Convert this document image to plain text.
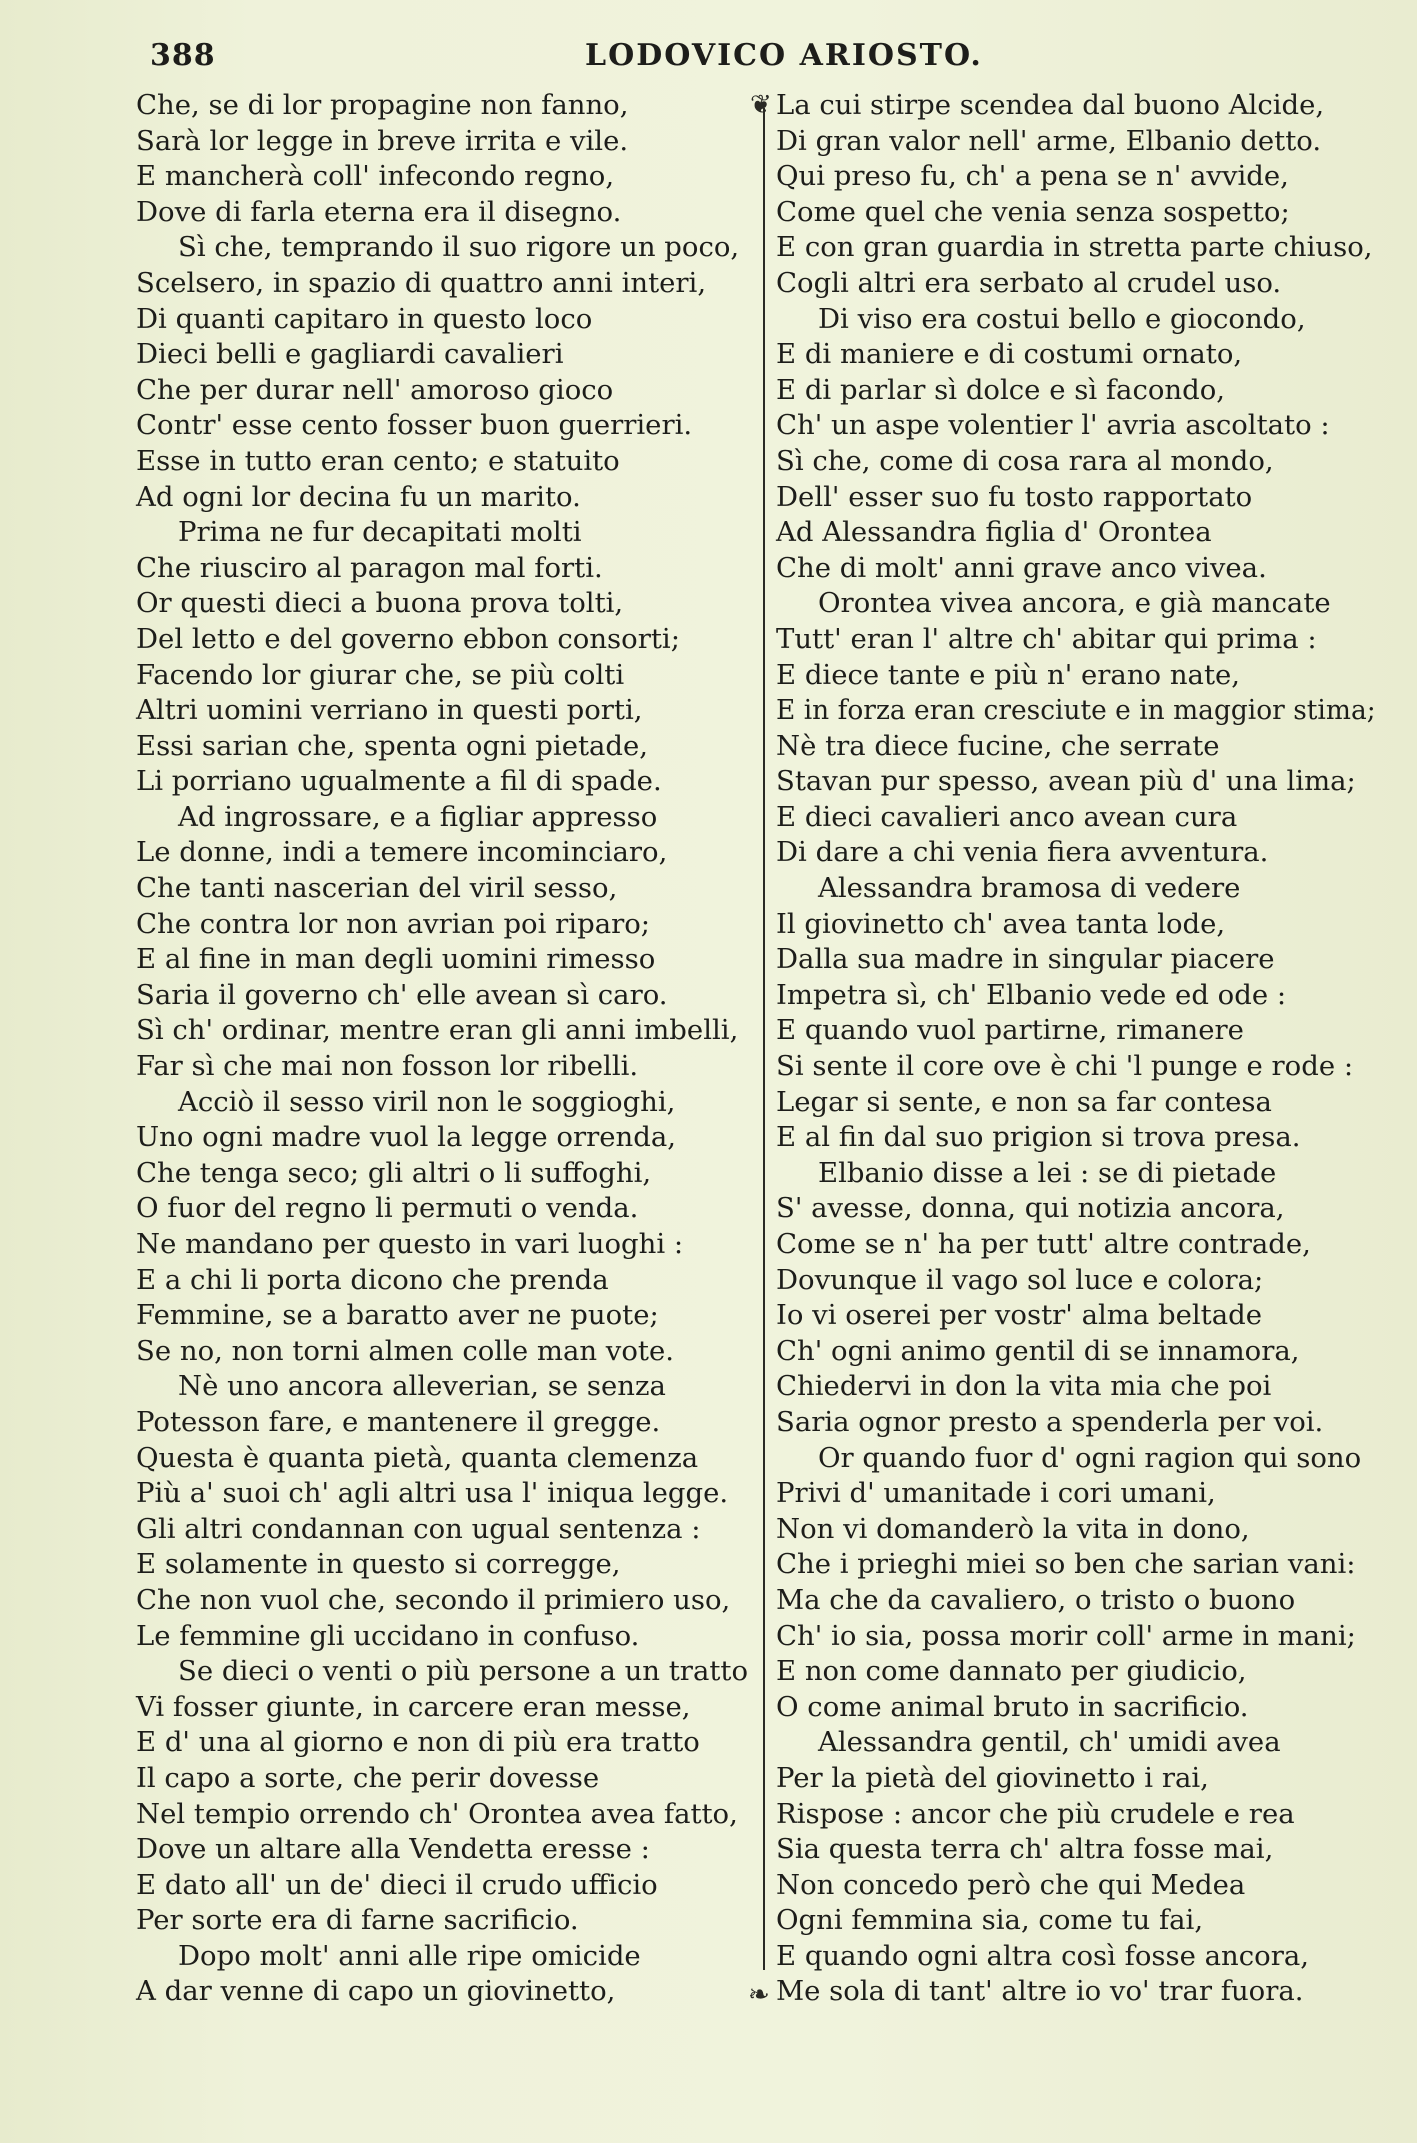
388	LODOVICO ARIOSTO.
Che, se di lor propagine non fanno,
Sarà lor legge in breve irrita e vile.
E mancherà coll' infecondo regno,
Dove di farla eterna era il disegno.
Sì che, temprando il suo rigore un poco,
Scelsero, in spazio di quattro anni interi,
Di quanti capitaro in questo loco
Dieci belli e gagliardi cavalieri
Che per durar nell' amoroso gioco
Contr' esse cento fosser buon guerrieri.
Esse in tutto eran cento; e statuito
Ad ogni lor decina fu un marito.
Prima ne fur decapitati molti
Che riusciro al paragon mal forti.
Or questi dieci a buona prova tolti,
Del letto e del governo ebbon consorti;
Facendo lor giurar che, se più colti
Altri uomini verriano in questi porti,
Essi sarian che, spenta ogni pietade,
Li porriano ugualmente a fil di spade.
Ad ingrossare, e a figliar appresso
Le donne, indi a temere incominciaro,
Che tanti nascerian del viril sesso,
Che contra lor non avrian poi riparo;
E al fine in man degli uomini rimesso
Saria il governo ch' elle avean sì caro.
Sì ch' ordinar, mentre eran gli anni imbelli,
Far sì che mai non fosson lor ribelli.
Acciò il sesso viril non le soggioghi,
Uno ogni madre vuol la legge orrenda,
Che tenga seco; gli altri o li suffoghi,
O fuor del regno li permuti o venda.
Ne mandano per questo in vari luoghi :
E a chi li porta dicono che prenda
Femmine, se a baratto aver ne puote;
Se no, non torni almen colle man vote.
Nè uno ancora alleverian, se senza
Potesson fare, e mantenere il gregge.
Questa è quanta pietà, quanta clemenza
Più a' suoi ch' agli altri usa l' iniqua legge.
Gli altri condannan con ugual sentenza :
E solamente in questo si corregge,
Che non vuol che, secondo il primiero uso,
Le femmine gli uccidano in confuso.
Se dieci o venti o più persone a un tratto
Vi fosser giunte, in carcere eran messe,
E d' una al giorno e non di più era tratto
Il capo a sorte, che perir dovesse
Nel tempio orrendo ch' Orontea avea fatto,
Dove un altare alla Vendetta eresse :
E dato all' un de' dieci il crudo ufficio
Per sorte era di farne sacrificio.
Dopo molt' anni alle ripe omicide
A dar venne di capo un giovinetto,
❦
❧
La cui stirpe scendea dal buono Alcide,
Di gran valor nell' arme, Elbanio detto.
Qui preso fu, ch' a pena se n' avvide,
Come quel che venia senza sospetto;
E con gran guardia in stretta parte chiuso,
Cogli altri era serbato al crudel uso.
Di viso era costui bello e giocondo,
E di maniere e di costumi ornato,
E di parlar sì dolce e sì facondo,
Ch' un aspe volentier l' avria ascoltato :
Sì che, come di cosa rara al mondo,
Dell' esser suo fu tosto rapportato
Ad Alessandra figlia d' Orontea
Che di molt' anni grave anco vivea.
Orontea vivea ancora, e già mancate
Tutt' eran l' altre ch' abitar qui prima :
E diece tante e più n' erano nate,
E in forza eran cresciute e in maggior stima;
Nè tra diece fucine, che serrate
Stavan pur spesso, avean più d' una lima;
E dieci cavalieri anco avean cura
Di dare a chi venia fiera avventura.
Alessandra bramosa di vedere
Il giovinetto ch' avea tanta lode,
Dalla sua madre in singular piacere
Impetra sì, ch' Elbanio vede ed ode :
E quando vuol partirne, rimanere
Si sente il core ove è chi 'l punge e rode :
Legar si sente, e non sa far contesa
E al fin dal suo prigion si trova presa.
Elbanio disse a lei : se di pietade
S' avesse, donna, qui notizia ancora,
Come se n' ha per tutt' altre contrade,
Dovunque il vago sol luce e colora;
Io vi oserei per vostr' alma beltade
Ch' ogni animo gentil di se innamora,
Chiedervi in don la vita mia che poi
Saria ognor presto a spenderla per voi.
Or quando fuor d' ogni ragion qui sono
Privi d' umanitade i cori umani,
Non vi domanderò la vita in dono,
Che i prieghi miei so ben che sarian vani:
Ma che da cavaliero, o tristo o buono
Ch' io sia, possa morir coll' arme in mani;
E non come dannato per giudicio,
O come animal bruto in sacrificio.
Alessandra gentil, ch' umidi avea
Per la pietà del giovinetto i rai,
Rispose : ancor che più crudele e rea
Sia questa terra ch' altra fosse mai,
Non concedo però che qui Medea
Ogni femmina sia, come tu fai,
E quando ogni altra così fosse ancora,
Me sola di tant' altre io vo' trar fuora.
